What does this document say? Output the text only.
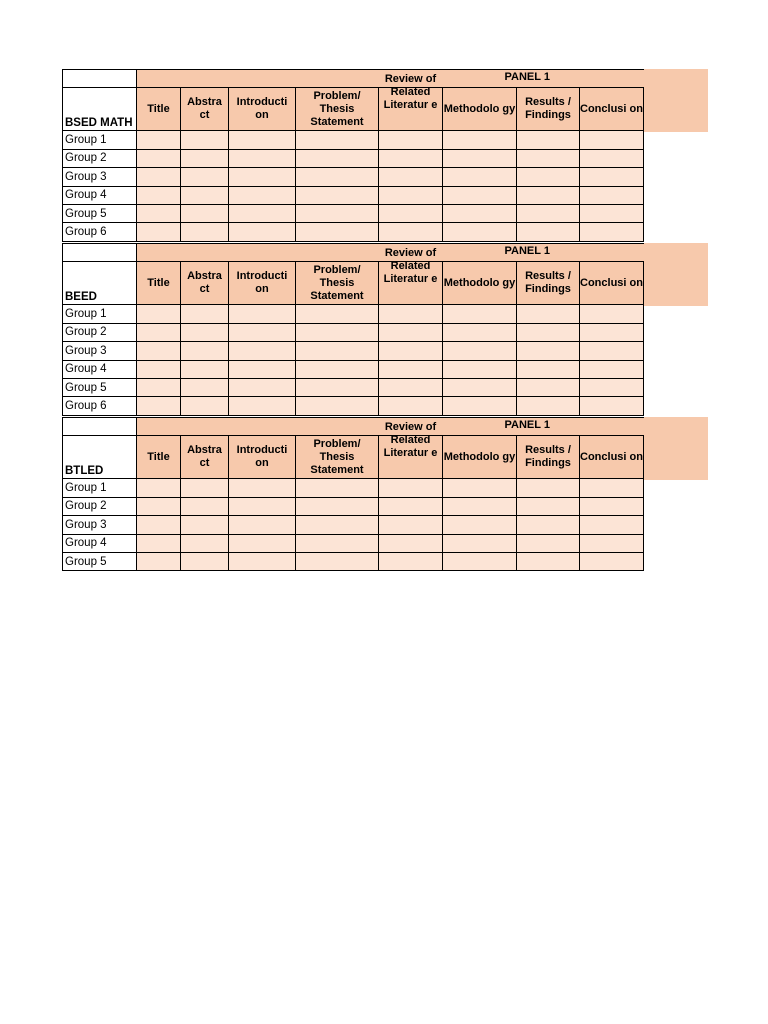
							PANEL 1	

BSED MATH	Title	Abstra ct	Introducti on	Problem/ Thesis Statement	Review of Related Literatur e	Methodolo gy	Results / Findings	Conclusi on
Group 1								
Group 2								
Group 3								
Group 4								
Group 5								
Group 6								

							PANEL 1	

BEED	Title	Abstra ct	Introducti on	Problem/ Thesis Statement	Review of Related Literatur e	Methodolo gy	Results / Findings	Conclusi on
Group 1								
Group 2								
Group 3								
Group 4								
Group 5								
Group 6								

							PANEL 1	

BTLED	Title	Abstra ct	Introducti on	Problem/ Thesis Statement	Review of Related Literatur e	Methodolo gy	Results / Findings	Conclusi on
Group 1								
Group 2								
Group 3								
Group 4								
Group 5								
